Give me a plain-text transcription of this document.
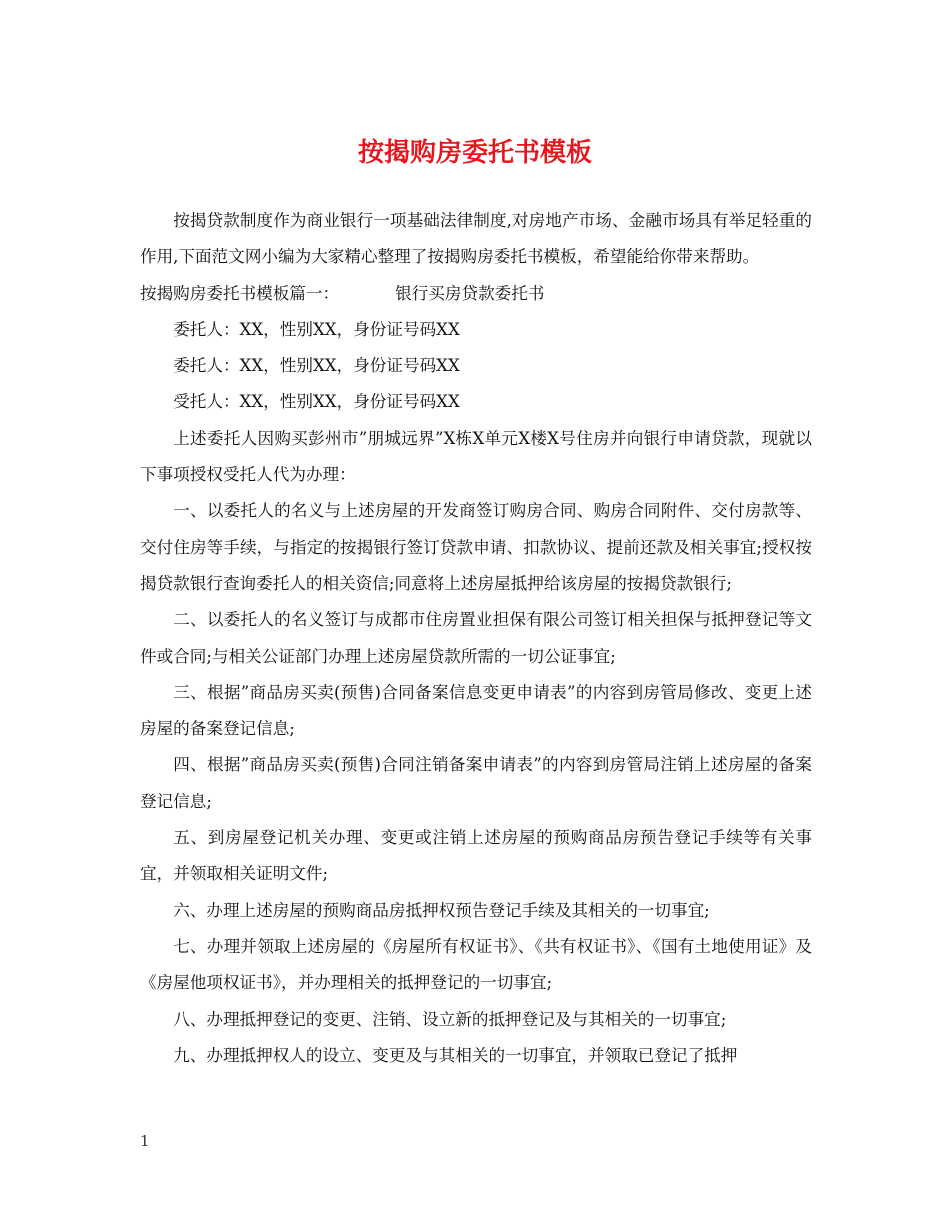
按揭购房委托书模板

按揭贷款制度作为商业银行一项基础法律制度,对房地产市场、金融市场具有举足轻重的作用,下面范文网小编为大家精心整理了按揭购房委托书模板，希望能给你带来帮助。

按揭购房委托书模板篇一：	银行买房贷款委托书

委托人：XX，性别XX，身份证号码XX

委托人：XX，性别XX，身份证号码XX

受托人：XX，性别XX，身份证号码XX

上述委托人因购买彭州市”朋城远界”X栋X单元X楼X号住房并向银行申请贷款，现就以下事项授权受托人代为办理：

一、以委托人的名义与上述房屋的开发商签订购房合同、购房合同附件、交付房款等、交付住房等手续，与指定的按揭银行签订贷款申请、扣款协议、提前还款及相关事宜;授权按揭贷款银行查询委托人的相关资信;同意将上述房屋抵押给该房屋的按揭贷款银行;

二、以委托人的名义签订与成都市住房置业担保有限公司签订相关担保与抵押登记等文件或合同;与相关公证部门办理上述房屋贷款所需的一切公证事宜;

三、根据”商品房买卖(预售)合同备案信息变更申请表”的内容到房管局修改、变更上述房屋的备案登记信息;

四、根据”商品房买卖(预售)合同注销备案申请表”的内容到房管局注销上述房屋的备案登记信息;

五、到房屋登记机关办理、变更或注销上述房屋的预购商品房预告登记手续等有关事宜，并领取相关证明文件;

六、办理上述房屋的预购商品房抵押权预告登记手续及其相关的一切事宜;

七、办理并领取上述房屋的《房屋所有权证书》、《共有权证书》、《国有土地使用证》及《房屋他项权证书》，并办理相关的抵押登记的一切事宜;

八、办理抵押登记的变更、注销、设立新的抵押登记及与其相关的一切事宜;

九、办理抵押权人的设立、变更及与其相关的一切事宜，并领取已登记了抵押

1
